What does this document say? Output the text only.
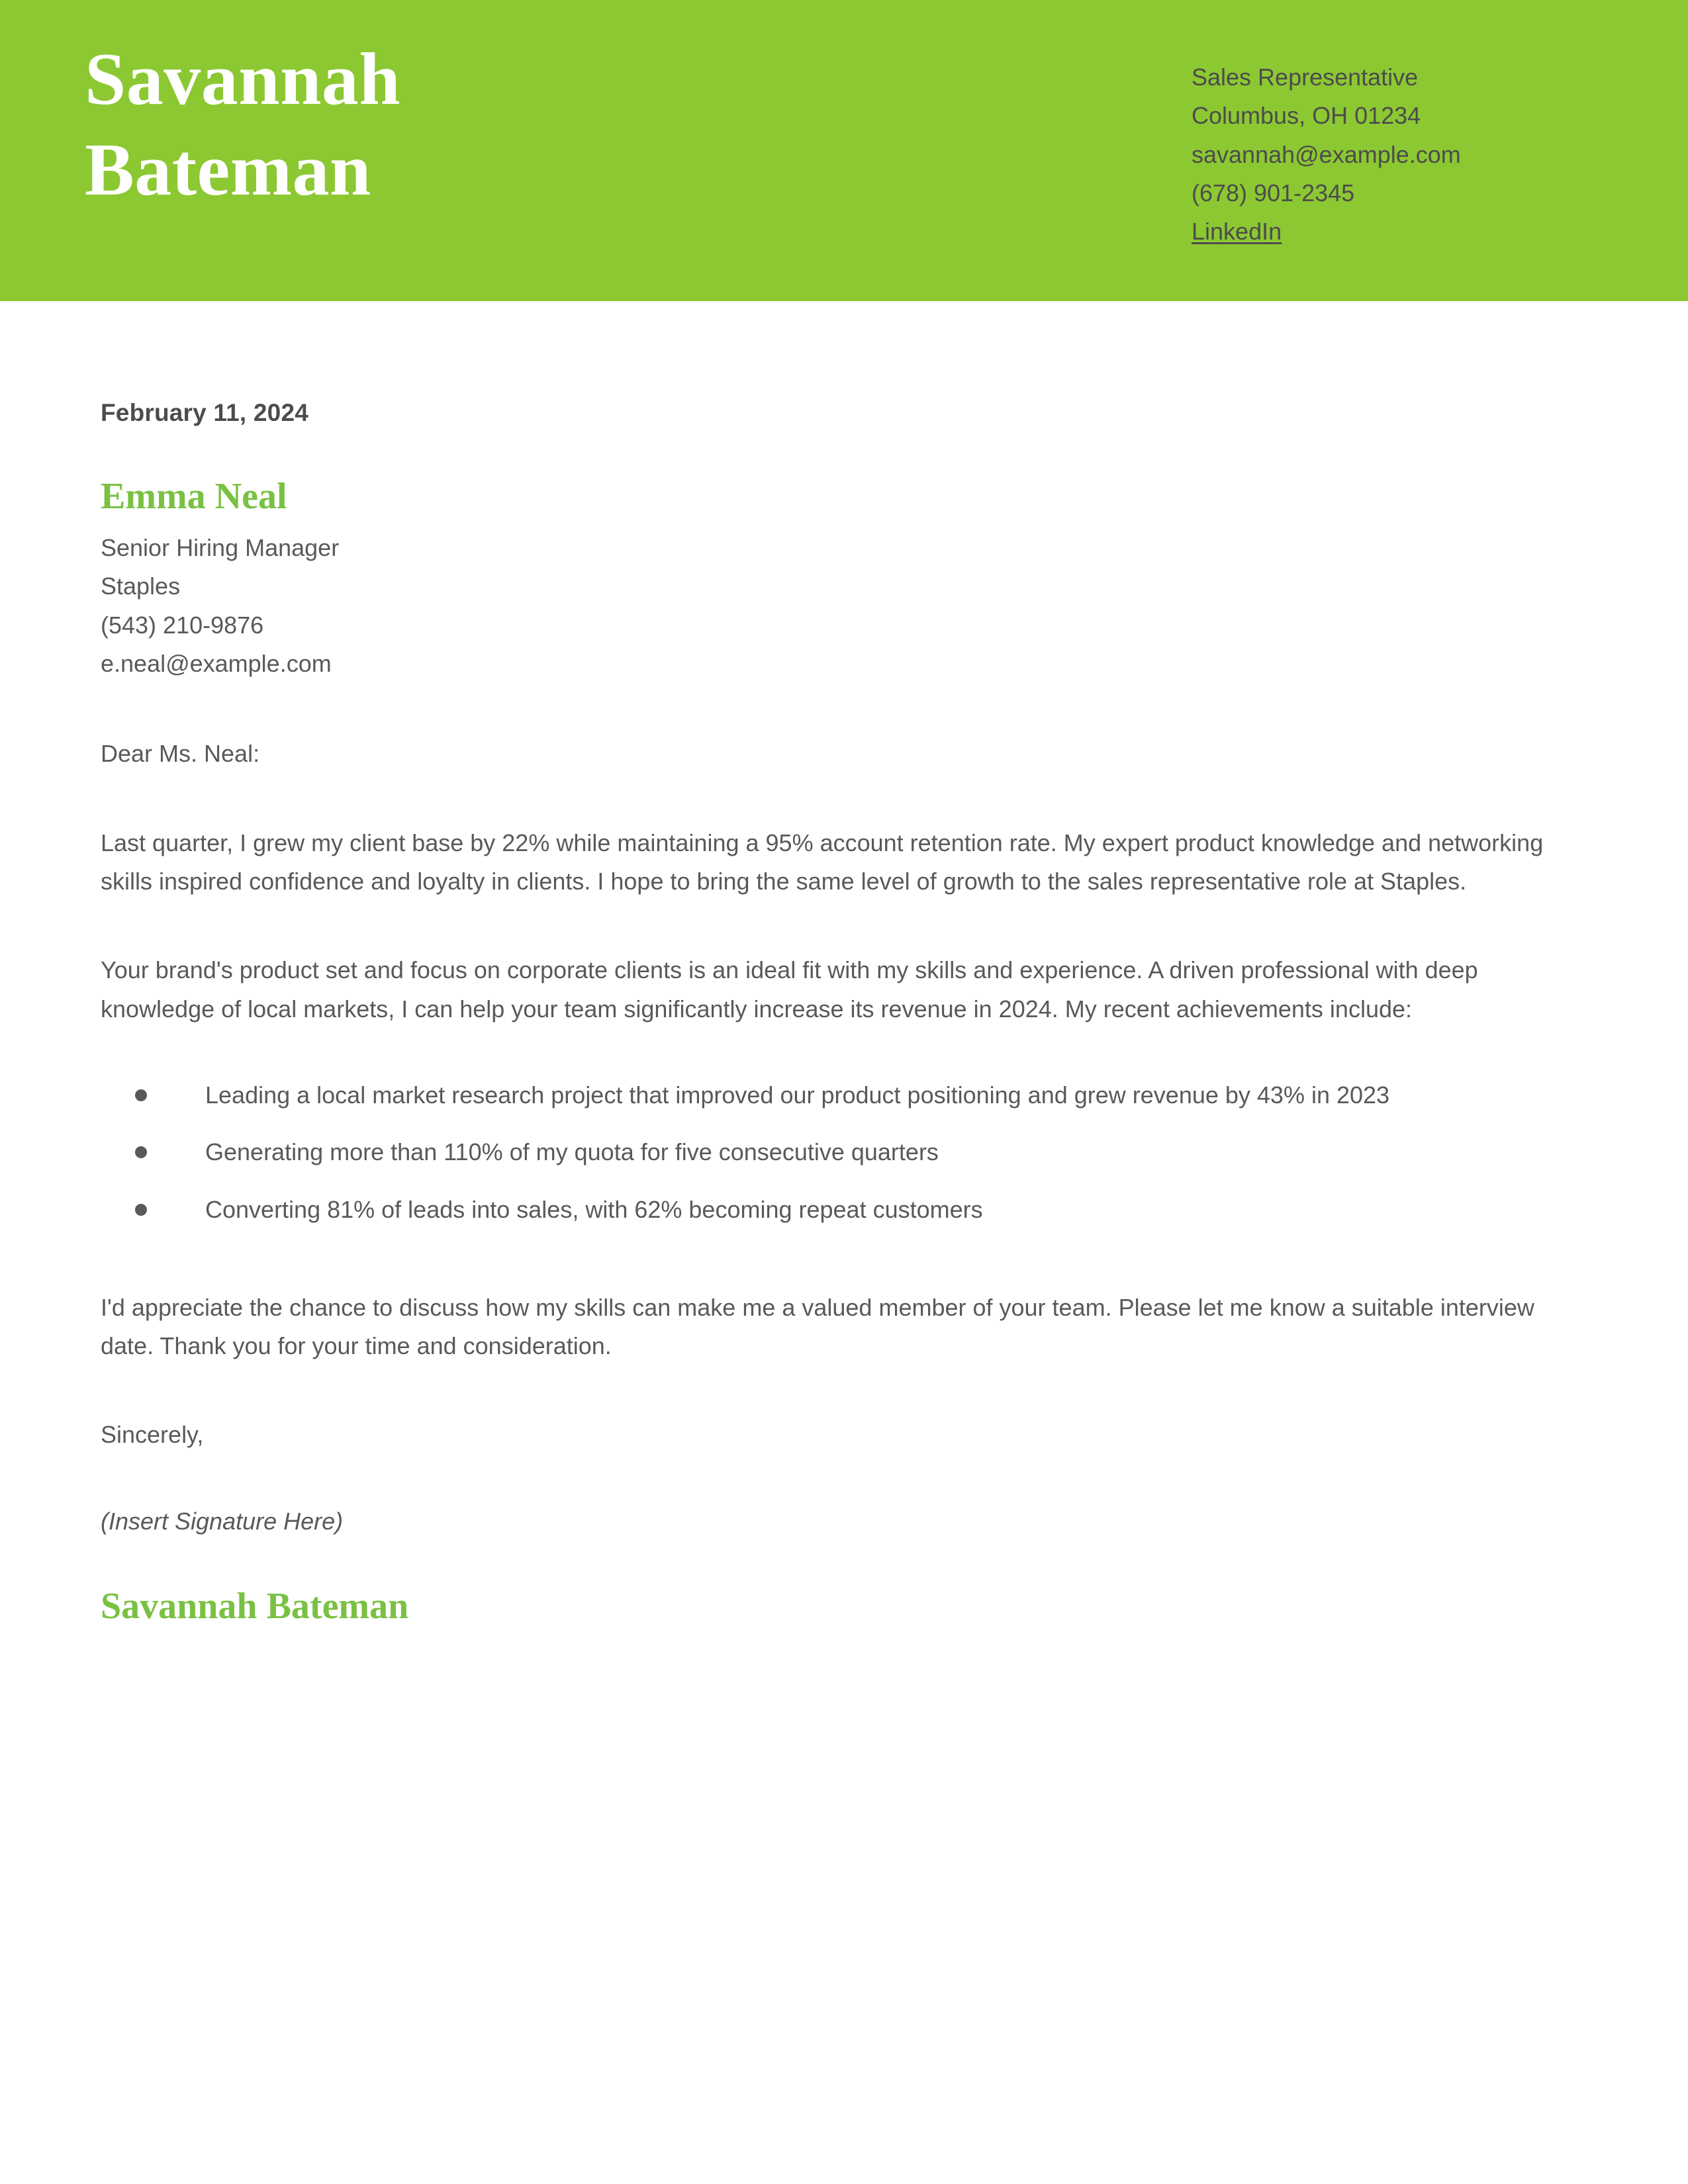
Savannah
Bateman
Sales Representative
Columbus, OH 01234
savannah@example.com
(678) 901-2345
LinkedIn
February 11, 2024
Emma Neal
Senior Hiring Manager
Staples
(543) 210-9876
e.neal@example.com
Dear Ms. Neal:
Last quarter, I grew my client base by 22% while maintaining a 95% account retention rate. My expert product knowledge and networking skills inspired confidence and loyalty in clients. I hope to bring the same level of growth to the sales representative role at Staples.
Your brand's product set and focus on corporate clients is an ideal fit with my skills and experience. A driven professional with deep knowledge of local markets, I can help your team significantly increase its revenue in 2024. My recent achievements include:
Leading a local market research project that improved our product positioning and grew revenue by 43% in 2023
Generating more than 110% of my quota for five consecutive quarters
Converting 81% of leads into sales, with 62% becoming repeat customers
I'd appreciate the chance to discuss how my skills can make me a valued member of your team. Please let me know a suitable interview date. Thank you for your time and consideration.
Sincerely,
(Insert Signature Here)
Savannah Bateman
